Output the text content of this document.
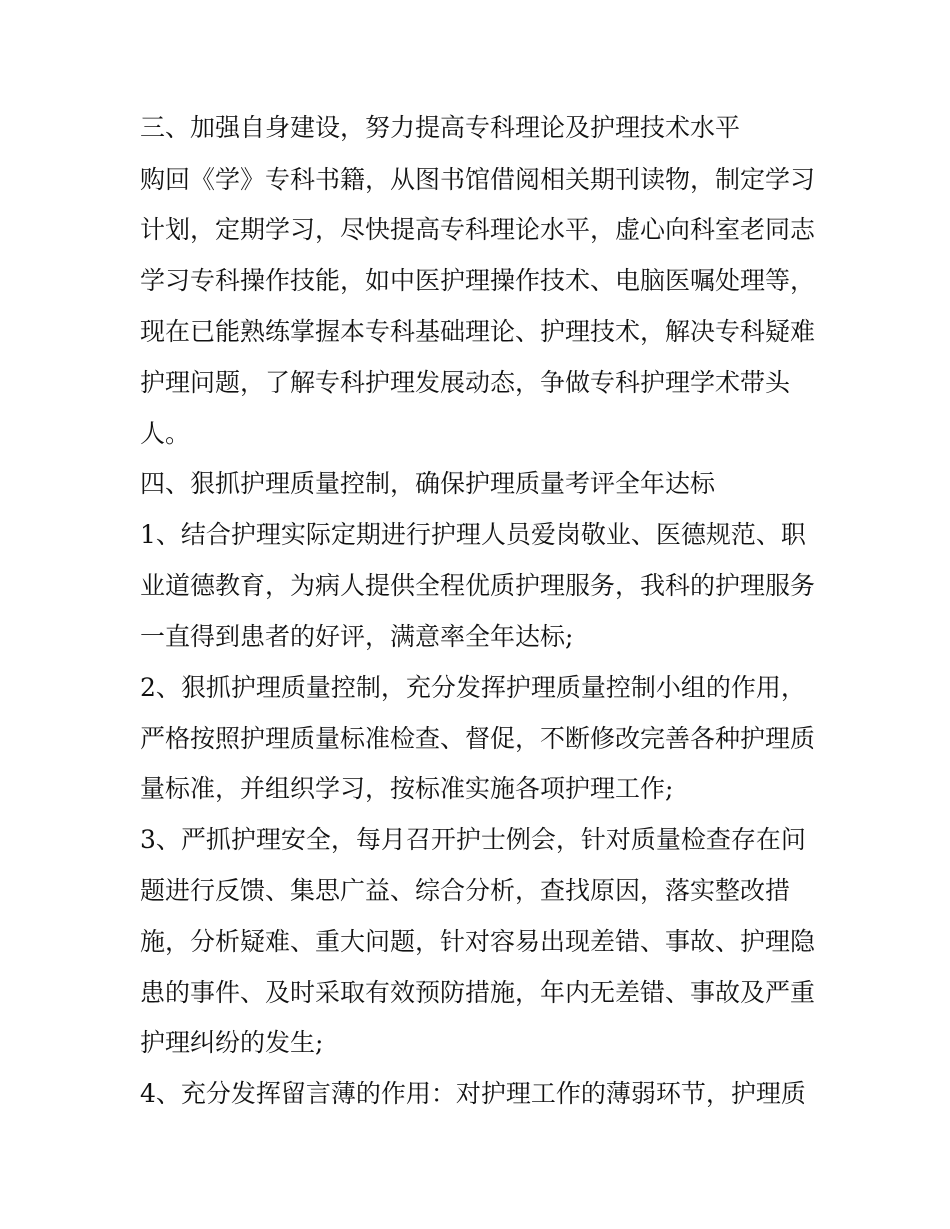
三、加强自身建设，努力提高专科理论及护理技术水平
购回《学》专科书籍，从图书馆借阅相关期刊读物，制定学习
计划，定期学习，尽快提高专科理论水平，虚心向科室老同志
学习专科操作技能，如中医护理操作技术、电脑医嘱处理等，
现在已能熟练掌握本专科基础理论、护理技术，解决专科疑难
护理问题，了解专科护理发展动态，争做专科护理学术带头
人。
四、狠抓护理质量控制，确保护理质量考评全年达标
1、结合护理实际定期进行护理人员爱岗敬业、医德规范、职
业道德教育，为病人提供全程优质护理服务，我科的护理服务
一直得到患者的好评，满意率全年达标;
2、狠抓护理质量控制，充分发挥护理质量控制小组的作用，
严格按照护理质量标准检查、督促，不断修改完善各种护理质
量标准，并组织学习，按标准实施各项护理工作;
3、严抓护理安全，每月召开护士例会，针对质量检查存在问
题进行反馈、集思广益、综合分析，查找原因，落实整改措
施，分析疑难、重大问题，针对容易出现差错、事故、护理隐
患的事件、及时采取有效预防措施，年内无差错、事故及严重
护理纠纷的发生;
4、充分发挥留言薄的作用：对护理工作的薄弱环节，护理质
